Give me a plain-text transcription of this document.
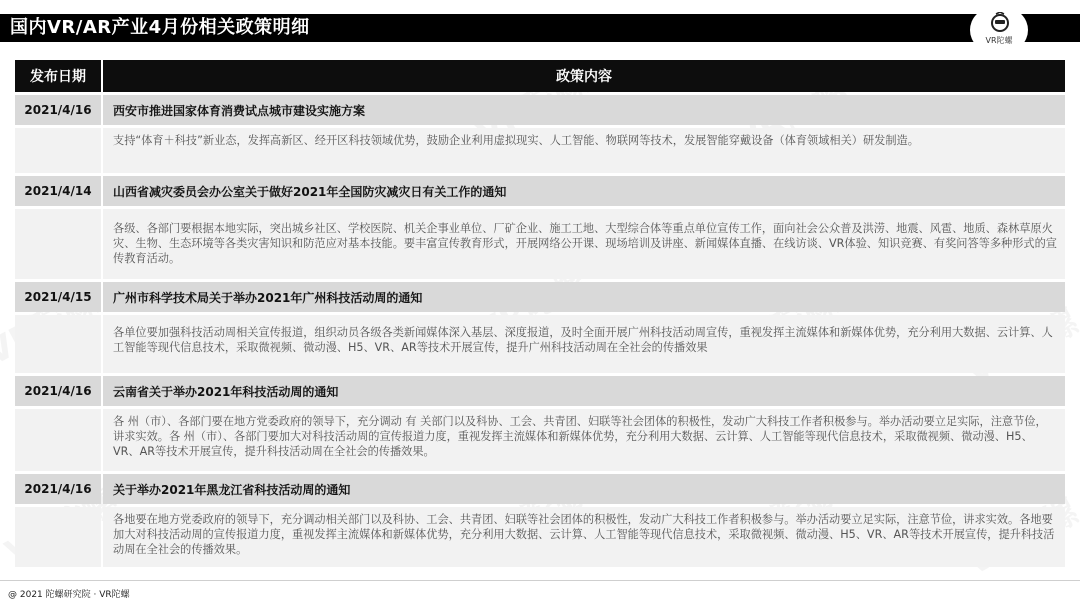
国内VR/AR产业4月份相关政策明细
VR陀螺
发布日期	政策内容
2021/4/16	西安市推进国家体育消费试点城市建设实施方案
支持“体育＋科技”新业态，发挥高新区、经开区科技领域优势，鼓励企业利用虚拟现实、人工智能、物联网等技术，发展智能穿戴设备（体育领域相关）研发制造。
2021/4/14	山西省减灾委员会办公室关于做好2021年全国防灾减灾日有关工作的通知
各级、各部门要根据本地实际，突出城乡社区、学校医院、机关企事业单位、厂矿企业、施工工地、大型综合体等重点单位宣传工作，面向社会公众普及洪涝、地震、风雹、地质、森林草原火灾、生物、生态环境等各类灾害知识和防范应对基本技能。要丰富宣传教育形式，开展网络公开课、现场培训及讲座、新闻媒体直播、在线访谈、VR体验、知识竞赛、有奖问答等多种形式的宣传教育活动。
2021/4/15	广州市科学技术局关于举办2021年广州科技活动周的通知
各单位要加强科技活动周相关宣传报道，组织动员各级各类新闻媒体深入基层、深度报道，及时全面开展广州科技活动周宣传，重视发挥主流媒体和新媒体优势，充分利用大数据、云计算、人工智能等现代信息技术，采取微视频、微动漫、H5、VR、AR等技术开展宣传，提升广州科技活动周在全社会的传播效果
2021/4/16	云南省关于举办2021年科技活动周的通知
各 州（市）、各部门要在地方党委政府的领导下，充分调动 有 关部门以及科协、工会、共青团、妇联等社会团体的积极性，发动广大科技工作者积极参与。举办活动要立足实际，注意节俭，讲求实效。各 州（市）、各部门要加大对科技活动周的宣传报道力度，重视发挥主流媒体和新媒体优势，充分利用大数据、云计算、人工智能等现代信息技术，采取微视频、微动漫、H5、VR、AR等技术开展宣传，提升科技活动周在全社会的传播效果。
2021/4/16	关于举办2021年黑龙江省科技活动周的通知
各地要在地方党委政府的领导下，充分调动相关部门以及科协、工会、共青团、妇联等社会团体的积极性，发动广大科技工作者积极参与。举办活动要立足实际，注意节俭，讲求实效。各地要加大对科技活动周的宣传报道力度，重视发挥主流媒体和新媒体优势，充分利用大数据、云计算、人工智能等现代信息技术，采取微视频、微动漫、H5、VR、AR等技术开展宣传，提升科技活动周在全社会的传播效果。
@ 2021 陀螺研究院 · VR陀螺
